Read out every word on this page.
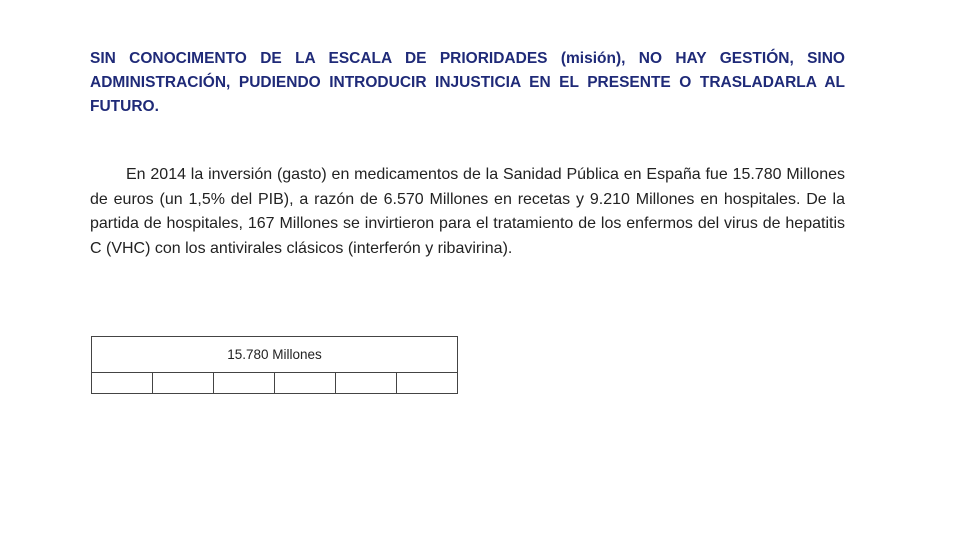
SIN CONOCIMENTO DE LA ESCALA DE PRIORIDADES (misión), NO HAY GESTIÓN, SINO ADMINISTRACIÓN, PUDIENDO INTRODUCIR INJUSTICIA EN EL PRESENTE O TRASLADARLA AL FUTURO.

En 2014 la inversión (gasto) en medicamentos de la Sanidad Pública en España fue 15.780 Millones de euros (un 1,5% del PIB), a razón de 6.570 Millones en recetas y 9.210 Millones en hospitales. De la partida de hospitales, 167 Millones se invirtieron para el tratamiento de los enfermos del virus de hepatitis C (VHC) con los antivirales clásicos (interferón y ribavirina).

15.780 Millones
